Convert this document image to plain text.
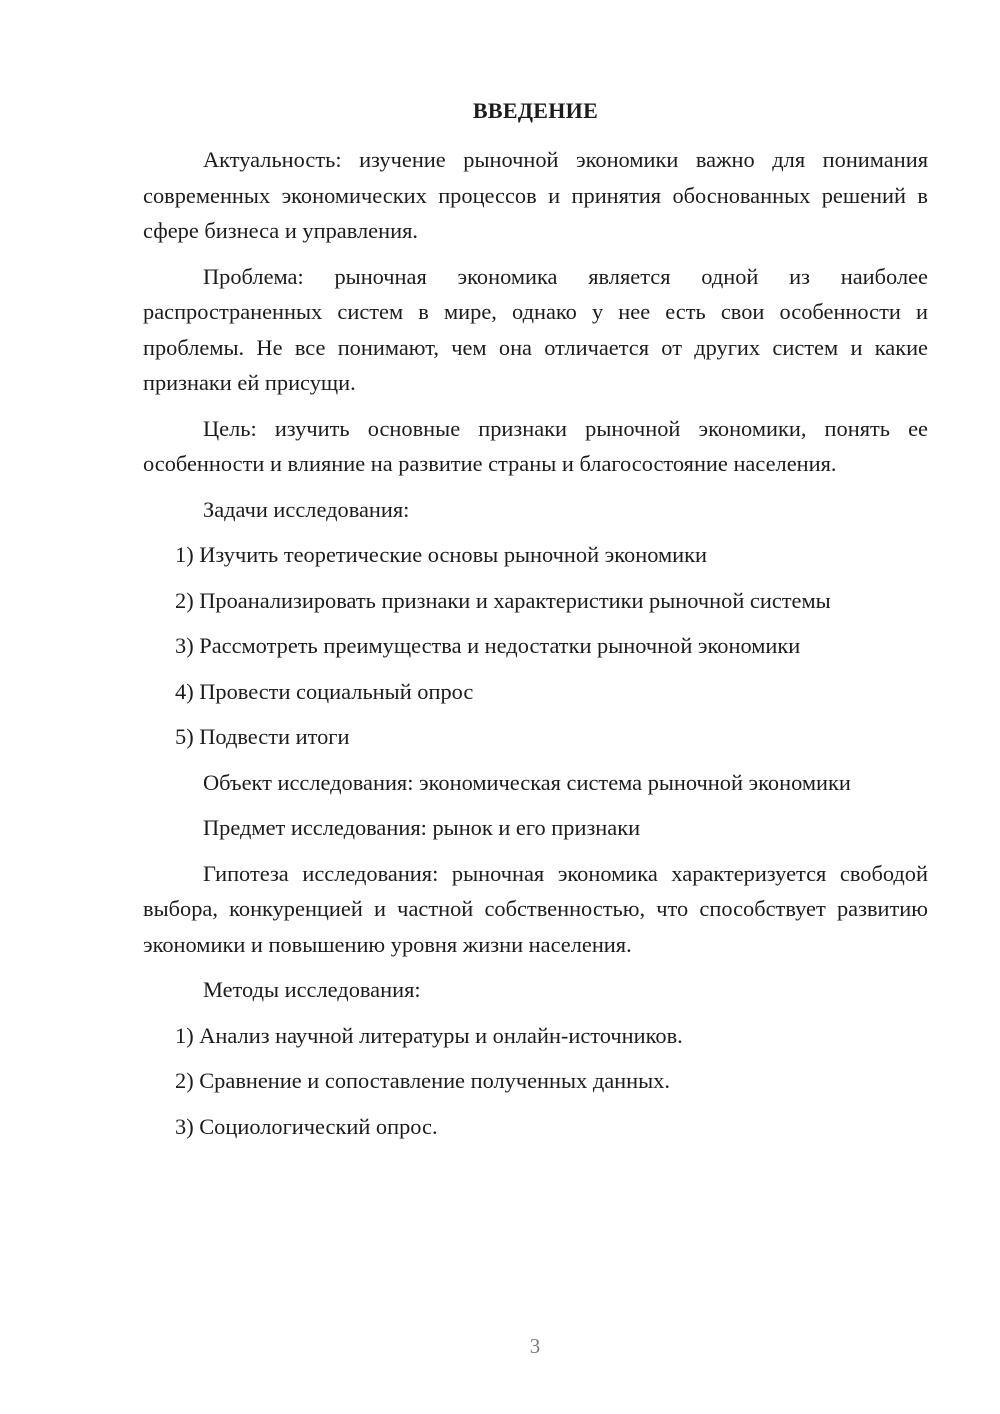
ВВЕДЕНИЕ

Актуальность: изучение рыночной экономики важно для понимания современных экономических процессов и принятия обоснованных решений в сфере бизнеса и управления.

Проблема: рыночная экономика является одной из наиболее распространенных систем в мире, однако у нее есть свои особенности и проблемы. Не все понимают, чем она отличается от других систем и какие признаки ей присущи.

Цель: изучить основные признаки рыночной экономики, понять ее особенности и влияние на развитие страны и благосостояние населения.

Задачи исследования:
1) Изучить теоретические основы рыночной экономики
2) Проанализировать признаки и характеристики рыночной системы
3) Рассмотреть преимущества и недостатки рыночной экономики
4) Провести социальный опрос
5) Подвести итоги
Объект исследования: экономическая система рыночной экономики
Предмет исследования: рынок и его признаки

Гипотеза исследования: рыночная экономика характеризуется свободой выбора, конкуренцией и частной собственностью, что способствует развитию экономики и повышению уровня жизни населения.

Методы исследования:
1) Анализ научной литературы и онлайн-источников.
2) Сравнение и сопоставление полученных данных.
3) Социологический опрос.
3
